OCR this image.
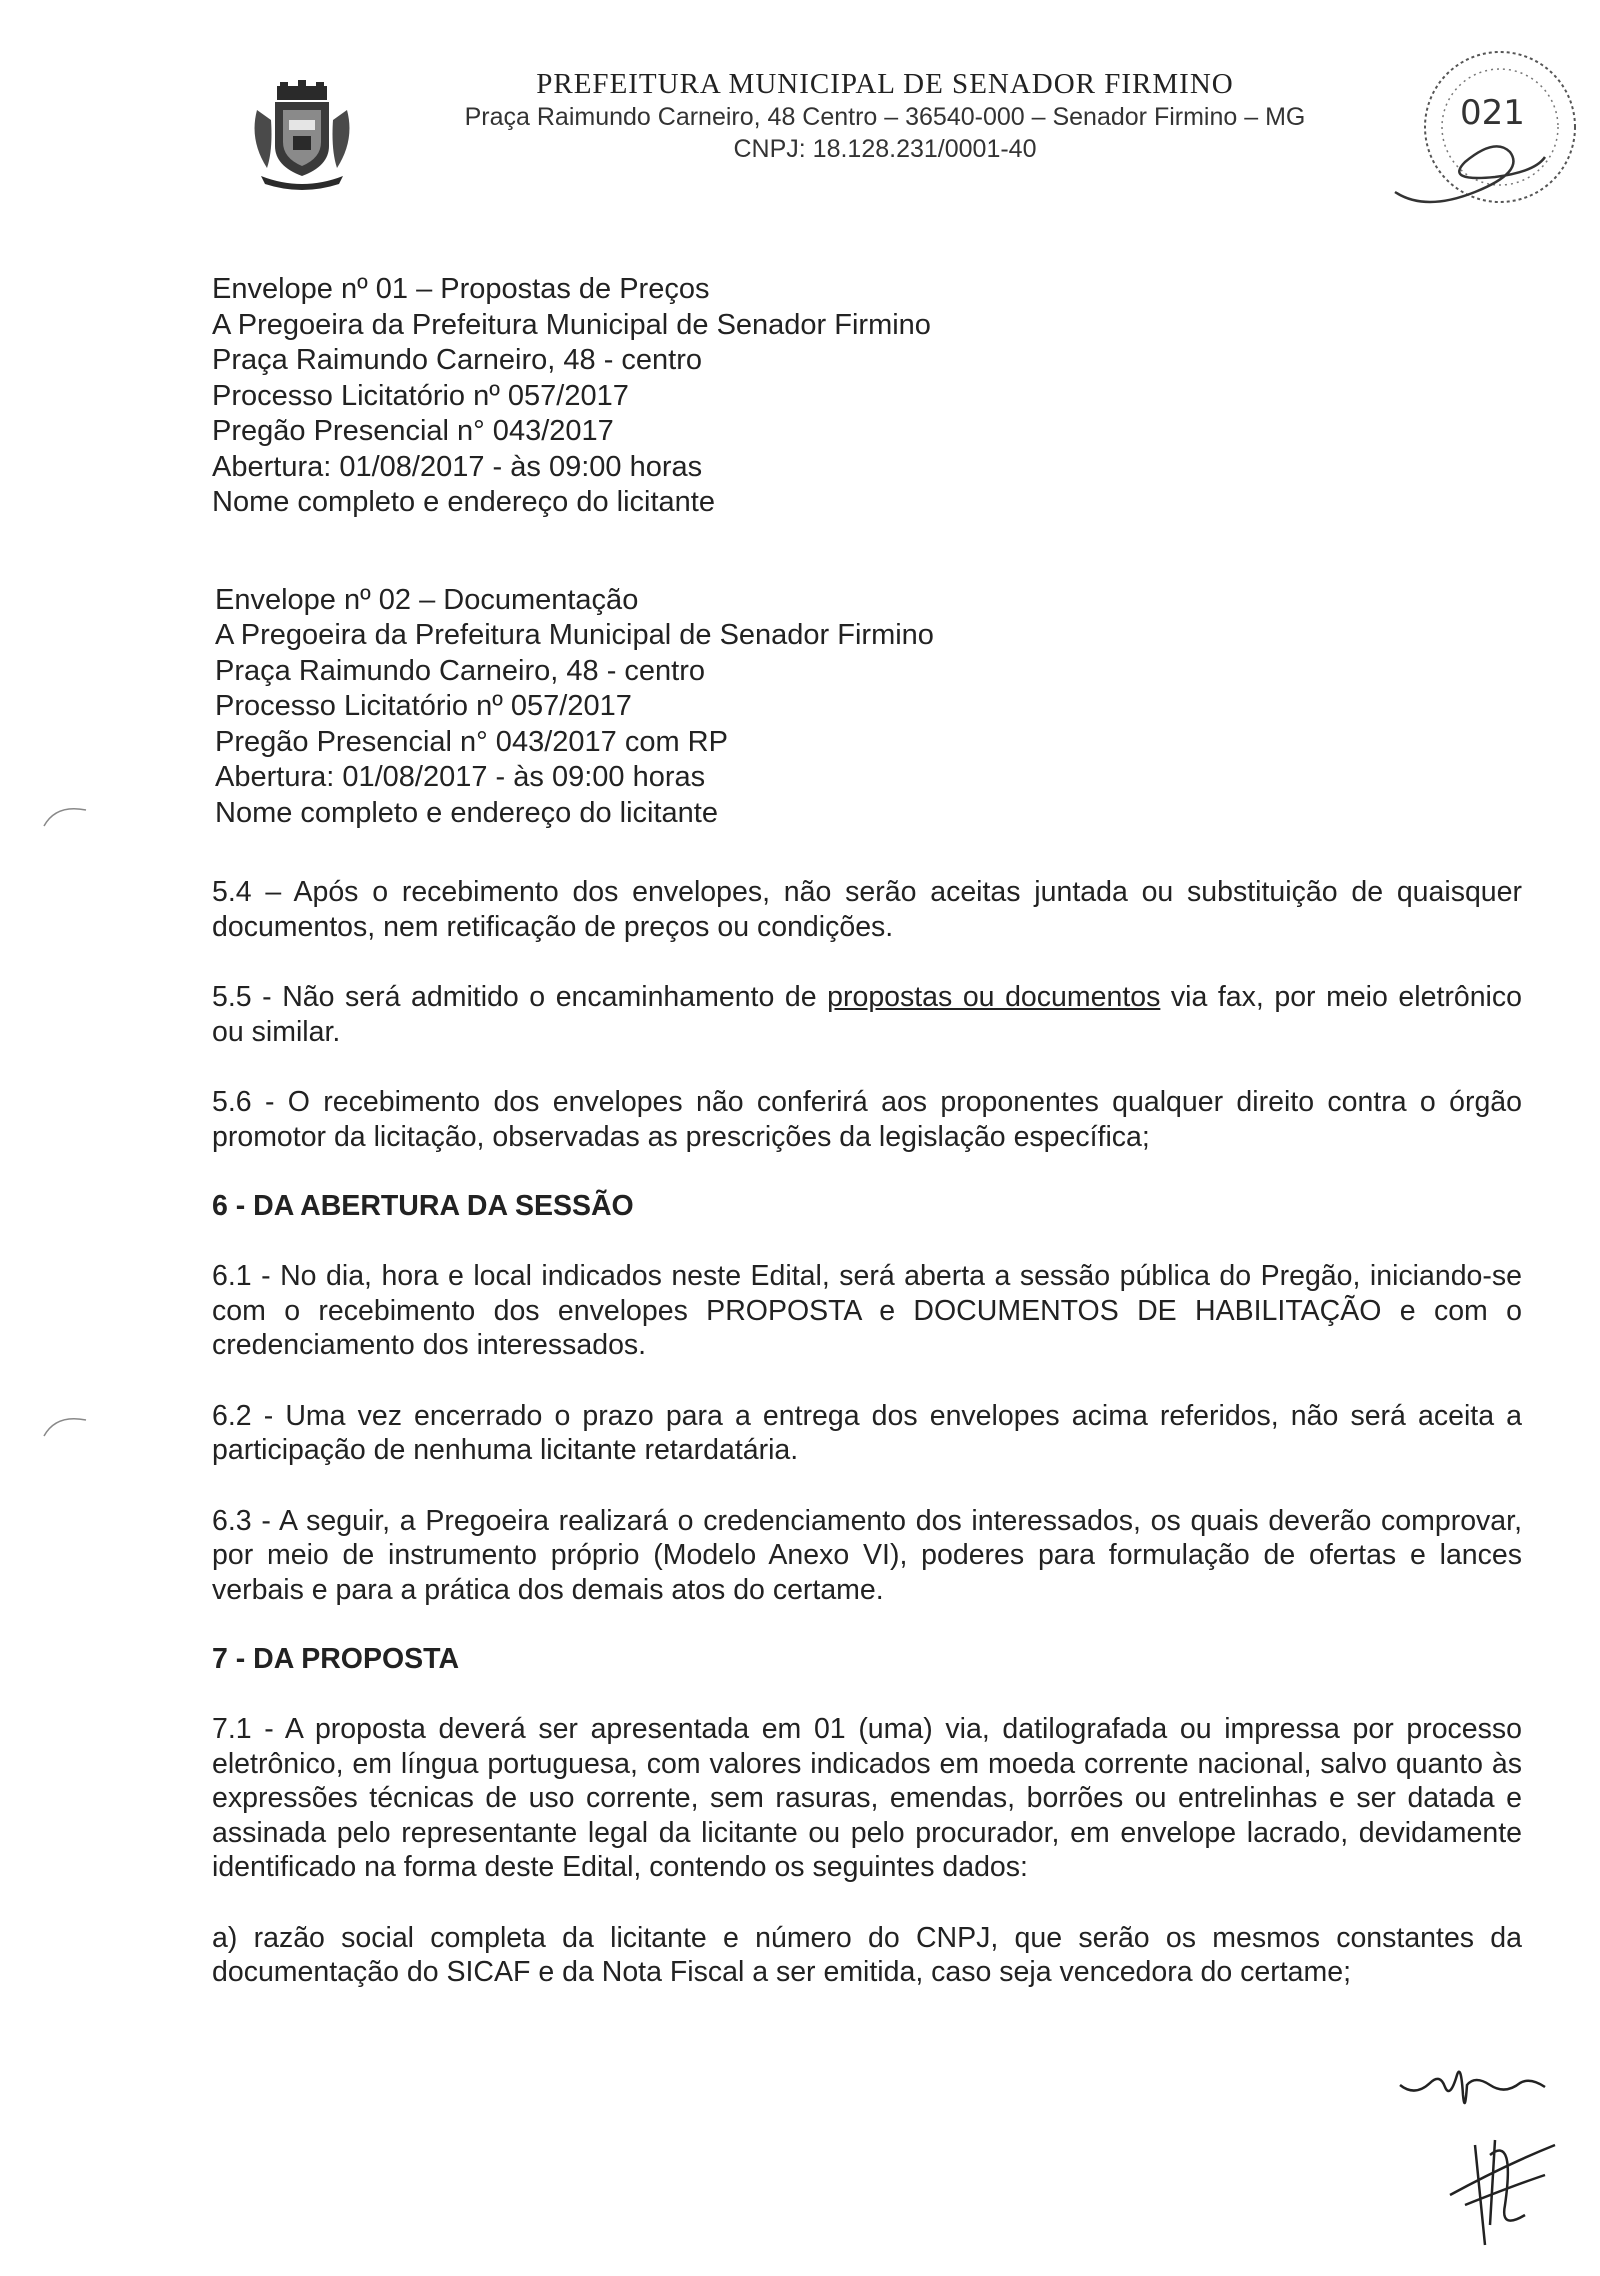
PREFEITURA MUNICIPAL DE SENADOR FIRMINO
Praça Raimundo Carneiro, 48 Centro – 36540-000 – Senador Firmino – MG
CNPJ: 18.128.231/0001-40
021
Envelope nº 01 – Propostas de Preços
A Pregoeira da Prefeitura Municipal de Senador Firmino
Praça Raimundo Carneiro, 48 - centro
Processo Licitatório nº 057/2017
Pregão Presencial n° 043/2017
Abertura: 01/08/2017 - às 09:00 horas
Nome completo e endereço do licitante
Envelope nº 02 – Documentação
A Pregoeira da Prefeitura Municipal de Senador Firmino
Praça Raimundo Carneiro, 48 - centro
Processo Licitatório nº 057/2017
Pregão Presencial n° 043/2017 com RP
Abertura: 01/08/2017 - às 09:00 horas
Nome completo e endereço do licitante
5.4 – Após o recebimento dos envelopes, não serão aceitas juntada ou substituição de quaisquer documentos, nem retificação de preços ou condições.
5.5 - Não será admitido o encaminhamento de propostas ou documentos via fax, por meio eletrônico ou similar.
5.6 - O recebimento dos envelopes não conferirá aos proponentes qualquer direito contra o órgão promotor da licitação, observadas as prescrições da legislação específica;
6 - DA ABERTURA DA SESSÃO
6.1 - No dia, hora e local indicados neste Edital, será aberta a sessão pública do Pregão, iniciando-se com o recebimento dos envelopes PROPOSTA e DOCUMENTOS DE HABILITAÇÃO e com o credenciamento dos interessados.
6.2 - Uma vez encerrado o prazo para a entrega dos envelopes acima referidos, não será aceita a participação de nenhuma licitante retardatária.
6.3 - A seguir, a Pregoeira realizará o credenciamento dos interessados, os quais deverão comprovar, por meio de instrumento próprio (Modelo Anexo VI), poderes para formulação de ofertas e lances verbais e para a prática dos demais atos do certame.
7 - DA PROPOSTA
7.1 - A proposta deverá ser apresentada em 01 (uma) via, datilografada ou impressa por processo eletrônico, em língua portuguesa, com valores indicados em moeda corrente nacional, salvo quanto às expressões técnicas de uso corrente, sem rasuras, emendas, borrões ou entrelinhas e ser datada e assinada pelo representante legal da licitante ou pelo procurador, em envelope lacrado, devidamente identificado na forma deste Edital, contendo os seguintes dados:
a) razão social completa da licitante e número do CNPJ, que serão os mesmos constantes da documentação do SICAF e da Nota Fiscal a ser emitida, caso seja vencedora do certame;
